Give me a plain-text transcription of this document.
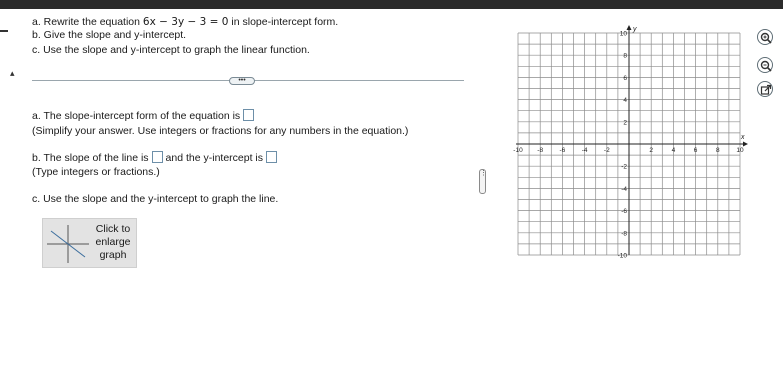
▴
a. Rewrite the equation 6x − 3y − 3 = 0 in slope-intercept form.
b. Give the slope and y-intercept.
c. Use the slope and y-intercept to graph the linear function.
•••
a. The slope-intercept form of the equation is
(Simplify your answer. Use integers or fractions for any numbers in the equation.)
b. The slope of the line is and the y-intercept is
(Type integers or fractions.)
c. Use the slope and the y-intercept to graph the line.
⋮
Click to
enlarge
graph
x
y
-10 -8	-6	-4	-2	2	4	6	8	10
10
8
6
4
2
-2
-4
-6
-8
-10
